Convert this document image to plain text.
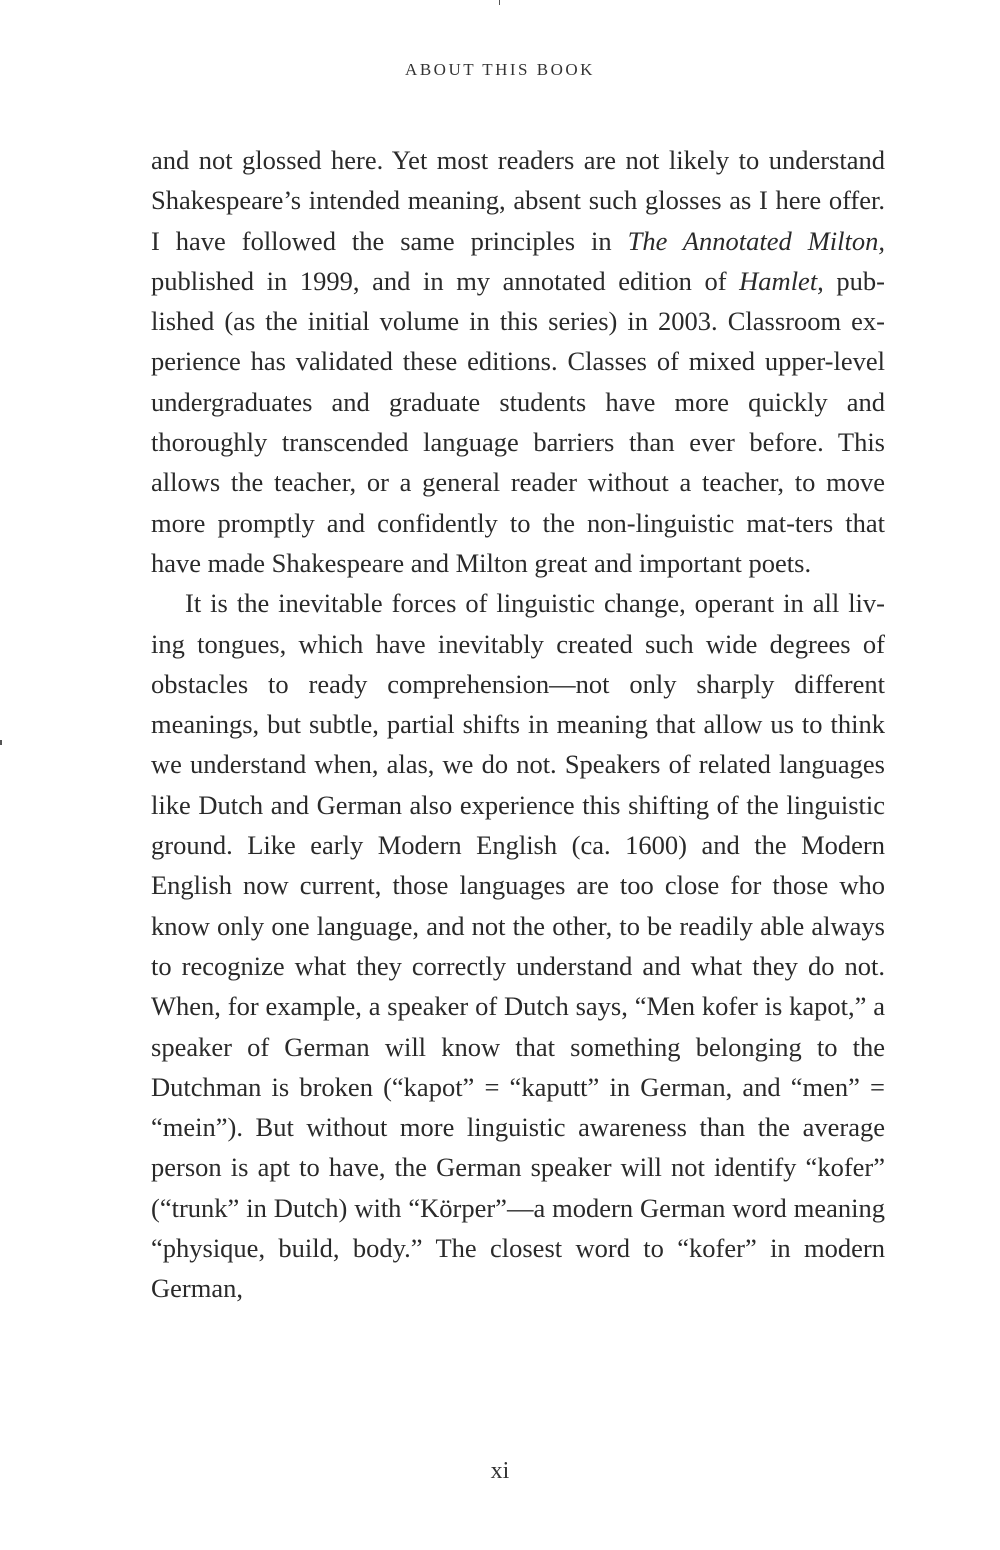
ABOUT THIS BOOK

and not glossed here. Yet most readers are not likely to understand Shakespeare’s intended meaning, absent such glosses as I here offer. I have followed the same principles in The Annotated Milton, published in 1999, and in my annotated edition of Hamlet, pub-lished (as the initial volume in this series) in 2003. Classroom ex-perience has validated these editions. Classes of mixed upper-level undergraduates and graduate students have more quickly and thoroughly transcended language barriers than ever before. This allows the teacher, or a general reader without a teacher, to move more promptly and confidently to the non-linguistic mat-ters that have made Shakespeare and Milton great and important poets.

It is the inevitable forces of linguistic change, operant in all liv-ing tongues, which have inevitably created such wide degrees of obstacles to ready comprehension—not only sharply different meanings, but subtle, partial shifts in meaning that allow us to think we understand when, alas, we do not. Speakers of related languages like Dutch and German also experience this shifting of the linguistic ground. Like early Modern English (ca. 1600) and the Modern English now current, those languages are too close for those who know only one language, and not the other, to be readily able always to recognize what they correctly understand and what they do not. When, for example, a speaker of Dutch says, “Men kofer is kapot,” a speaker of German will know that something belonging to the Dutchman is broken (“kapot” = “kaputt” in German, and “men” = “mein”). But without more linguistic awareness than the average person is apt to have, the German speaker will not identify “kofer” (“trunk” in Dutch) with “Körper”—a modern German word meaning “physique, build, body.” The closest word to “kofer” in modern German,

xi
